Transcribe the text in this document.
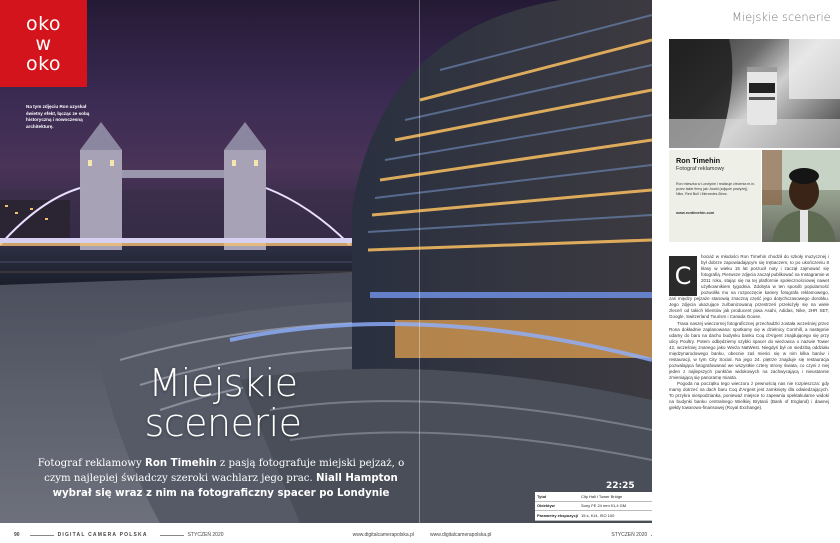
oko
w
oko
Na tym zdjęciu Ron uzyskał świetny efekt, łącząc ze sobą historyczną i nowoczesną architekturę.
Miejskie
scenerie
Fotograf reklamowy Ron Timehin z pasją fotografuje miejski pejzaż, o czym najlepiej świadczy szeroki wachlarz jego prac. Niall Hampton wybrał się wraz z nim na fotograficzny spacer po Londynie
22:25
Tytuł	City Hall i Tower Bridge
Obiektyw	Sony FE 24 mm f/1,4 GM
Parametry ekspozycji 15 s, f/14, ISO 100
90	DIGITAL CAMERA POLSKA	STYCZEŃ 2020	www.digitalcamerapolska.pl	www.digitalcamerapolska.pl	STYCZEŃ 2020
Miejskie scenerie
Ron Timehin
Fotograf reklamowy
Ron mieszka w Londynie i realizuje zlecenia m.in. przez takie firmy jak: Asahi (zdjęcie powyżej), Nike, Red Bull i Mercedes-Benz.
www.rontimehin.com
C

hociaż w młodości Ron Timehin chodził do szkoły muzycznej i był dobrze zapowiadającym się trębaczem, to po ukończeniu 8 klasy w wieku 15 lat porzucił nuty i zaczął zajmować się fotografią. Pierwsze zdjęcia zaczął publikować na Instagramie w 2011 roku, stając się na tej platformie społecznościowej nawet użytkownikiem tygodnia. Zdobyta w ten sposób popularność pozwoliła mu na rozpoczęcie kariery fotografa reklamowego, zaś między pejzaże stanowią znaczną część jego dotychczasowego dorobku. Jego zdjęcia ukazujące zurbanizowaną przestrzeń przełożyły się na wiele zleceń od takich klientów jak producent piwa Asahi, Adidas, Nike, 2HR SET, Google, Switzerland Tourism i Canada Goose.

Trasa naszej wieczornej fotograficznej przechadzki została wcześniej przez Rona dokładnie zaplanowana: spotkamy się w dzielnicy Cornhill, a następnie udamy do baru na dachu budynku banku Coq d'Argent znajdującego się przy ulicy Poultry. Potem odbędziemy szybki spacer do wieżowca o nazwie Tower 42, wcześniej znanego jako Wieża NatWest. Niegdyś był on siedzibą oddziału międzynarodowego banku, obecnie zaś mieści się w nim kilka barów i restauracji, w tym City Social. Na jego 24. piętrze znajduje się restauracja pozwalająca fotografowanać we wszystkie cztery strony świata, co czyni z niej jeden z najlepszych punktów widokowych na zachwycającą i nieustannie zmieniającą się panoramę miasta.

Pogoda na początku tego wieczoru z pewnością nas nie rozpieszcza: gdy mamy dotrzeć na dach baru Coq d'Argent jest zamknięty dla odwiedzających. To przykra niespodzianka, ponieważ miejsce to zapewnia spektakularne widoki na budynki banku centralnego Wielkiej Brytanii (Bank of England) i dawnej giełdy towarowo-finansowej (Royal Exchange).
